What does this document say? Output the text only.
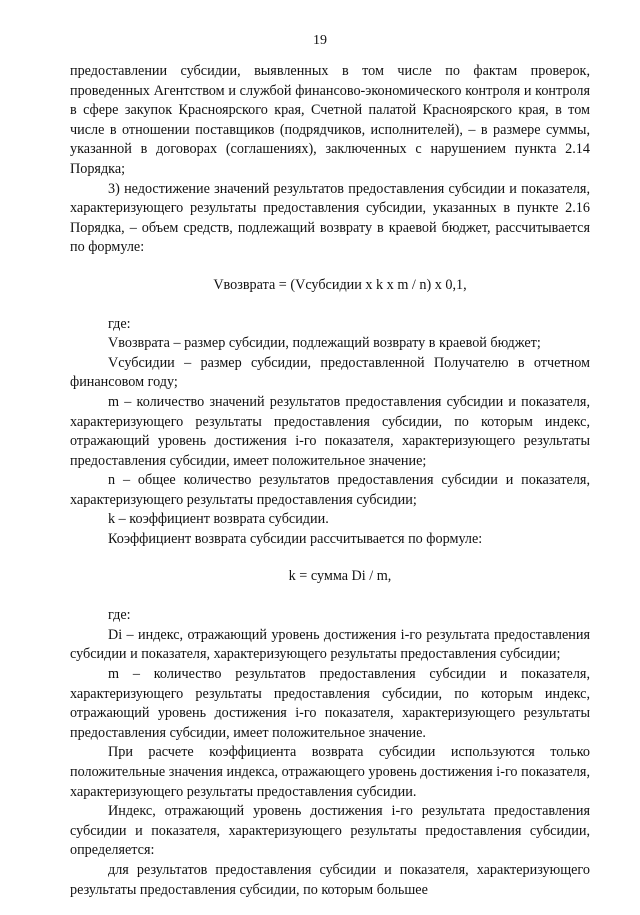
19

предоставлении субсидии, выявленных в том числе по фактам проверок, проведенных Агентством и службой финансово-экономического контроля и контроля в сфере закупок Красноярского края, Счетной палатой Красноярского края, в том числе в отношении поставщиков (подрядчиков, исполнителей), – в размере суммы, указанной в договорах (соглашениях), заключенных с нарушением пункта 2.14 Порядка;

3) недостижение значений результатов предоставления субсидии и показателя, характеризующего результаты предоставления субсидии, указанных в пункте 2.16 Порядка, – объем средств, подлежащий возврату в краевой бюджет, рассчитывается по формуле:

Vвозврата = (Vсубсидии x k x m / n) x 0,1,

где:

Vвозврата – размер субсидии, подлежащий возврату в краевой бюджет;

Vсубсидии – размер субсидии, предоставленной Получателю в отчетном финансовом году;

m – количество значений результатов предоставления субсидии и показателя, характеризующего результаты предоставления субсидии, по которым индекс, отражающий уровень достижения i-го показателя, характеризующего результаты предоставления субсидии, имеет положительное значение;

n – общее количество результатов предоставления субсидии и показателя, характеризующего результаты предоставления субсидии;

k – коэффициент возврата субсидии.

Коэффициент возврата субсидии рассчитывается по формуле:

k = сумма Di / m,

где:

Di – индекс, отражающий уровень достижения i-го результата предоставления субсидии и показателя, характеризующего результаты предоставления субсидии;

m – количество результатов предоставления субсидии и показателя, характеризующего результаты предоставления субсидии, по которым индекс, отражающий уровень достижения i-го показателя, характеризующего результаты предоставления субсидии, имеет положительное значение.

При расчете коэффициента возврата субсидии используются только положительные значения индекса, отражающего уровень достижения i-го показателя, характеризующего результаты предоставления субсидии.

Индекс, отражающий уровень достижения i-го результата предоставления субсидии и показателя, характеризующего результаты предоставления субсидии, определяется:

для результатов предоставления субсидии и показателя, характеризующего результаты предоставления субсидии, по которым большее
